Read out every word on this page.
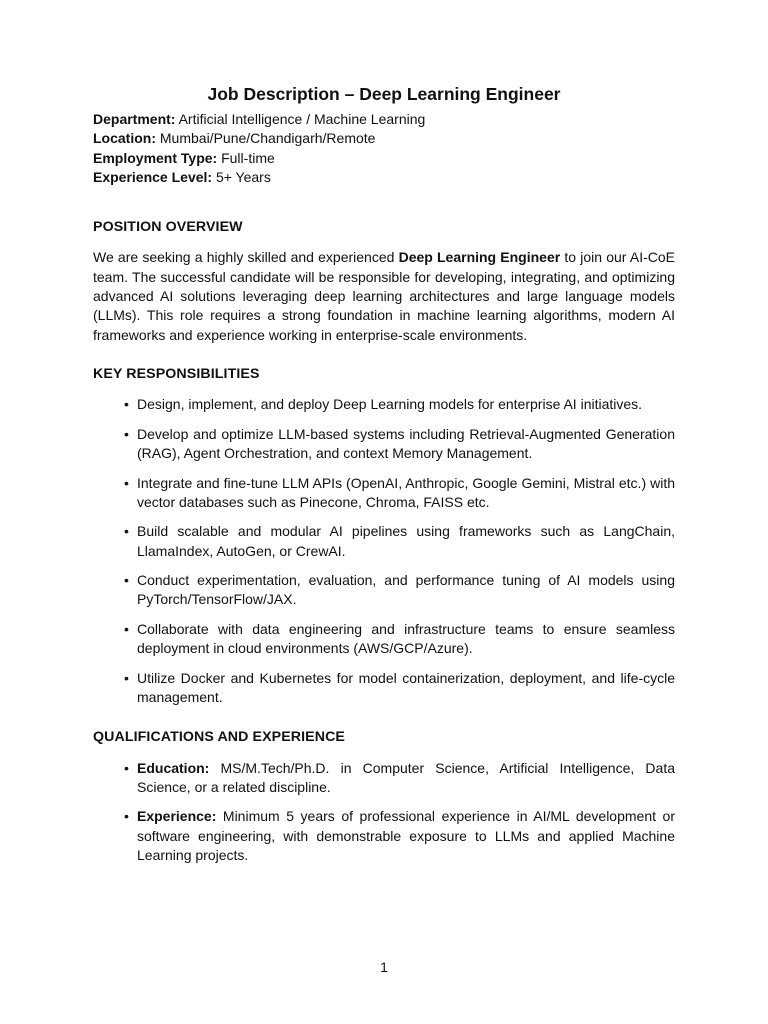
Job Description – Deep Learning Engineer

Department: Artificial Intelligence / Machine Learning

Location: Mumbai/Pune/Chandigarh/Remote

Employment Type: Full-time

Experience Level: 5+ Years

POSITION OVERVIEW

We are seeking a highly skilled and experienced Deep Learning Engineer to join our AI-CoE team. The successful candidate will be responsible for developing, integrating, and optimizing advanced AI solutions leveraging deep learning architectures and large language models (LLMs). This role requires a strong foundation in machine learning algorithms, modern AI frameworks and experience working in enterprise-scale environments.

KEY RESPONSIBILITIES
• Design, implement, and deploy Deep Learning models for enterprise AI initiatives.
• Develop and optimize LLM-based systems including Retrieval-Augmented Generation (RAG), Agent Orchestration, and context Memory Management.
• Integrate and fine-tune LLM APIs (OpenAI, Anthropic, Google Gemini, Mistral etc.) with vector databases such as Pinecone, Chroma, FAISS etc.
• Build scalable and modular AI pipelines using frameworks such as LangChain, LlamaIndex, AutoGen, or CrewAI.
• Conduct experimentation, evaluation, and performance tuning of AI models using PyTorch/TensorFlow/JAX.
• Collaborate with data engineering and infrastructure teams to ensure seamless deployment in cloud environments (AWS/GCP/Azure).
• Utilize Docker and Kubernetes for model containerization, deployment, and life-cycle management.
QUALIFICATIONS AND EXPERIENCE
• Education: MS/M.Tech/Ph.D. in Computer Science, Artificial Intelligence, Data Science, or a related discipline.
• Experience: Minimum 5 years of professional experience in AI/ML development or software engineering, with demonstrable exposure to LLMs and applied Machine Learning projects.
1
